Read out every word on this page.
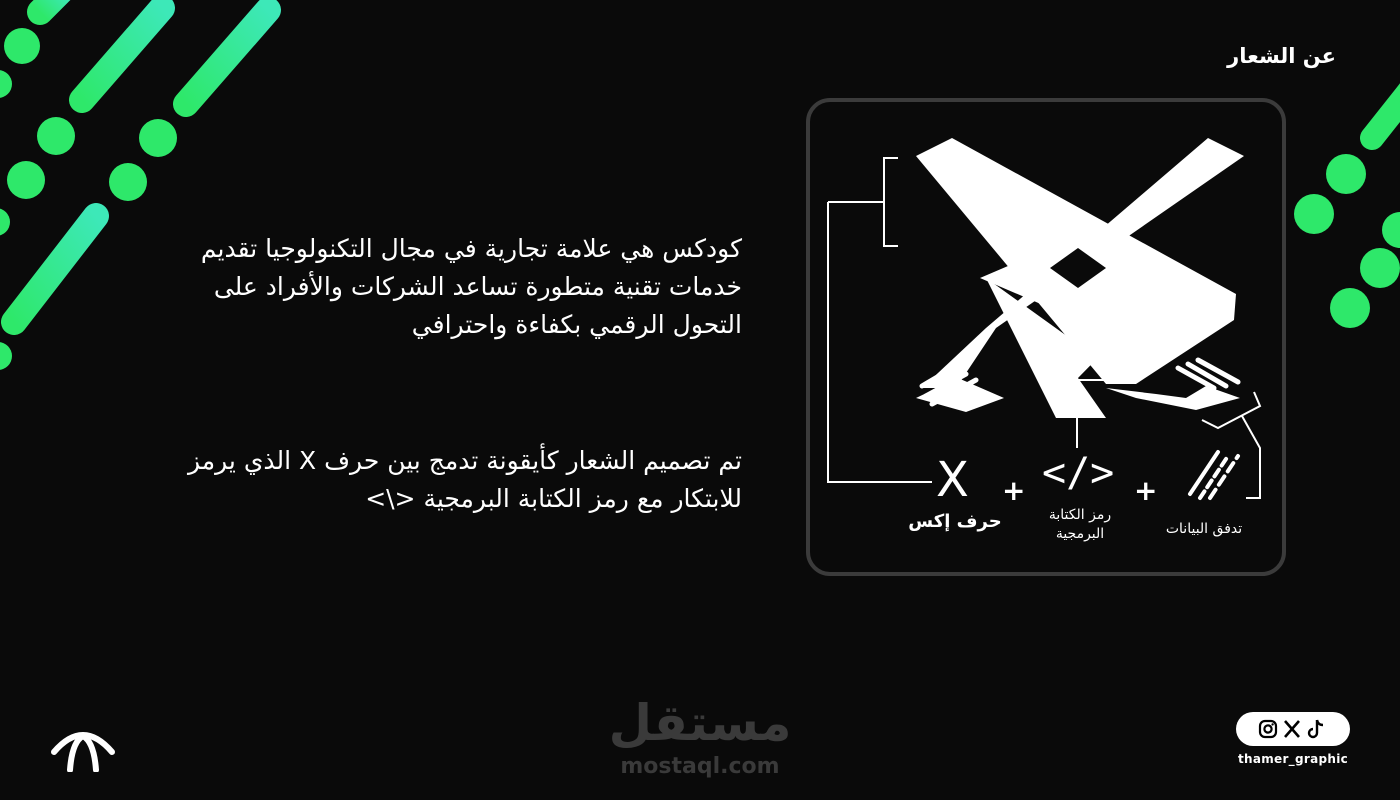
عن الشعار
كودكس هي علامة تجارية في مجال التكنولوجيا تقديم خدمات تقنية متطورة تساعد الشركات والأفراد على التحول الرقمي بكفاءة واحترافي
تم تصميم الشعار كأيقونة تدمج بين حرف X الذي يرمز للابتكار مع رمز الكتابة البرمجية <\>	X + </> +
حرف إكس	رمز الكتابة البرمجية	تدفق البيانات
مستقل
mostaql.com	thamer_graphic
